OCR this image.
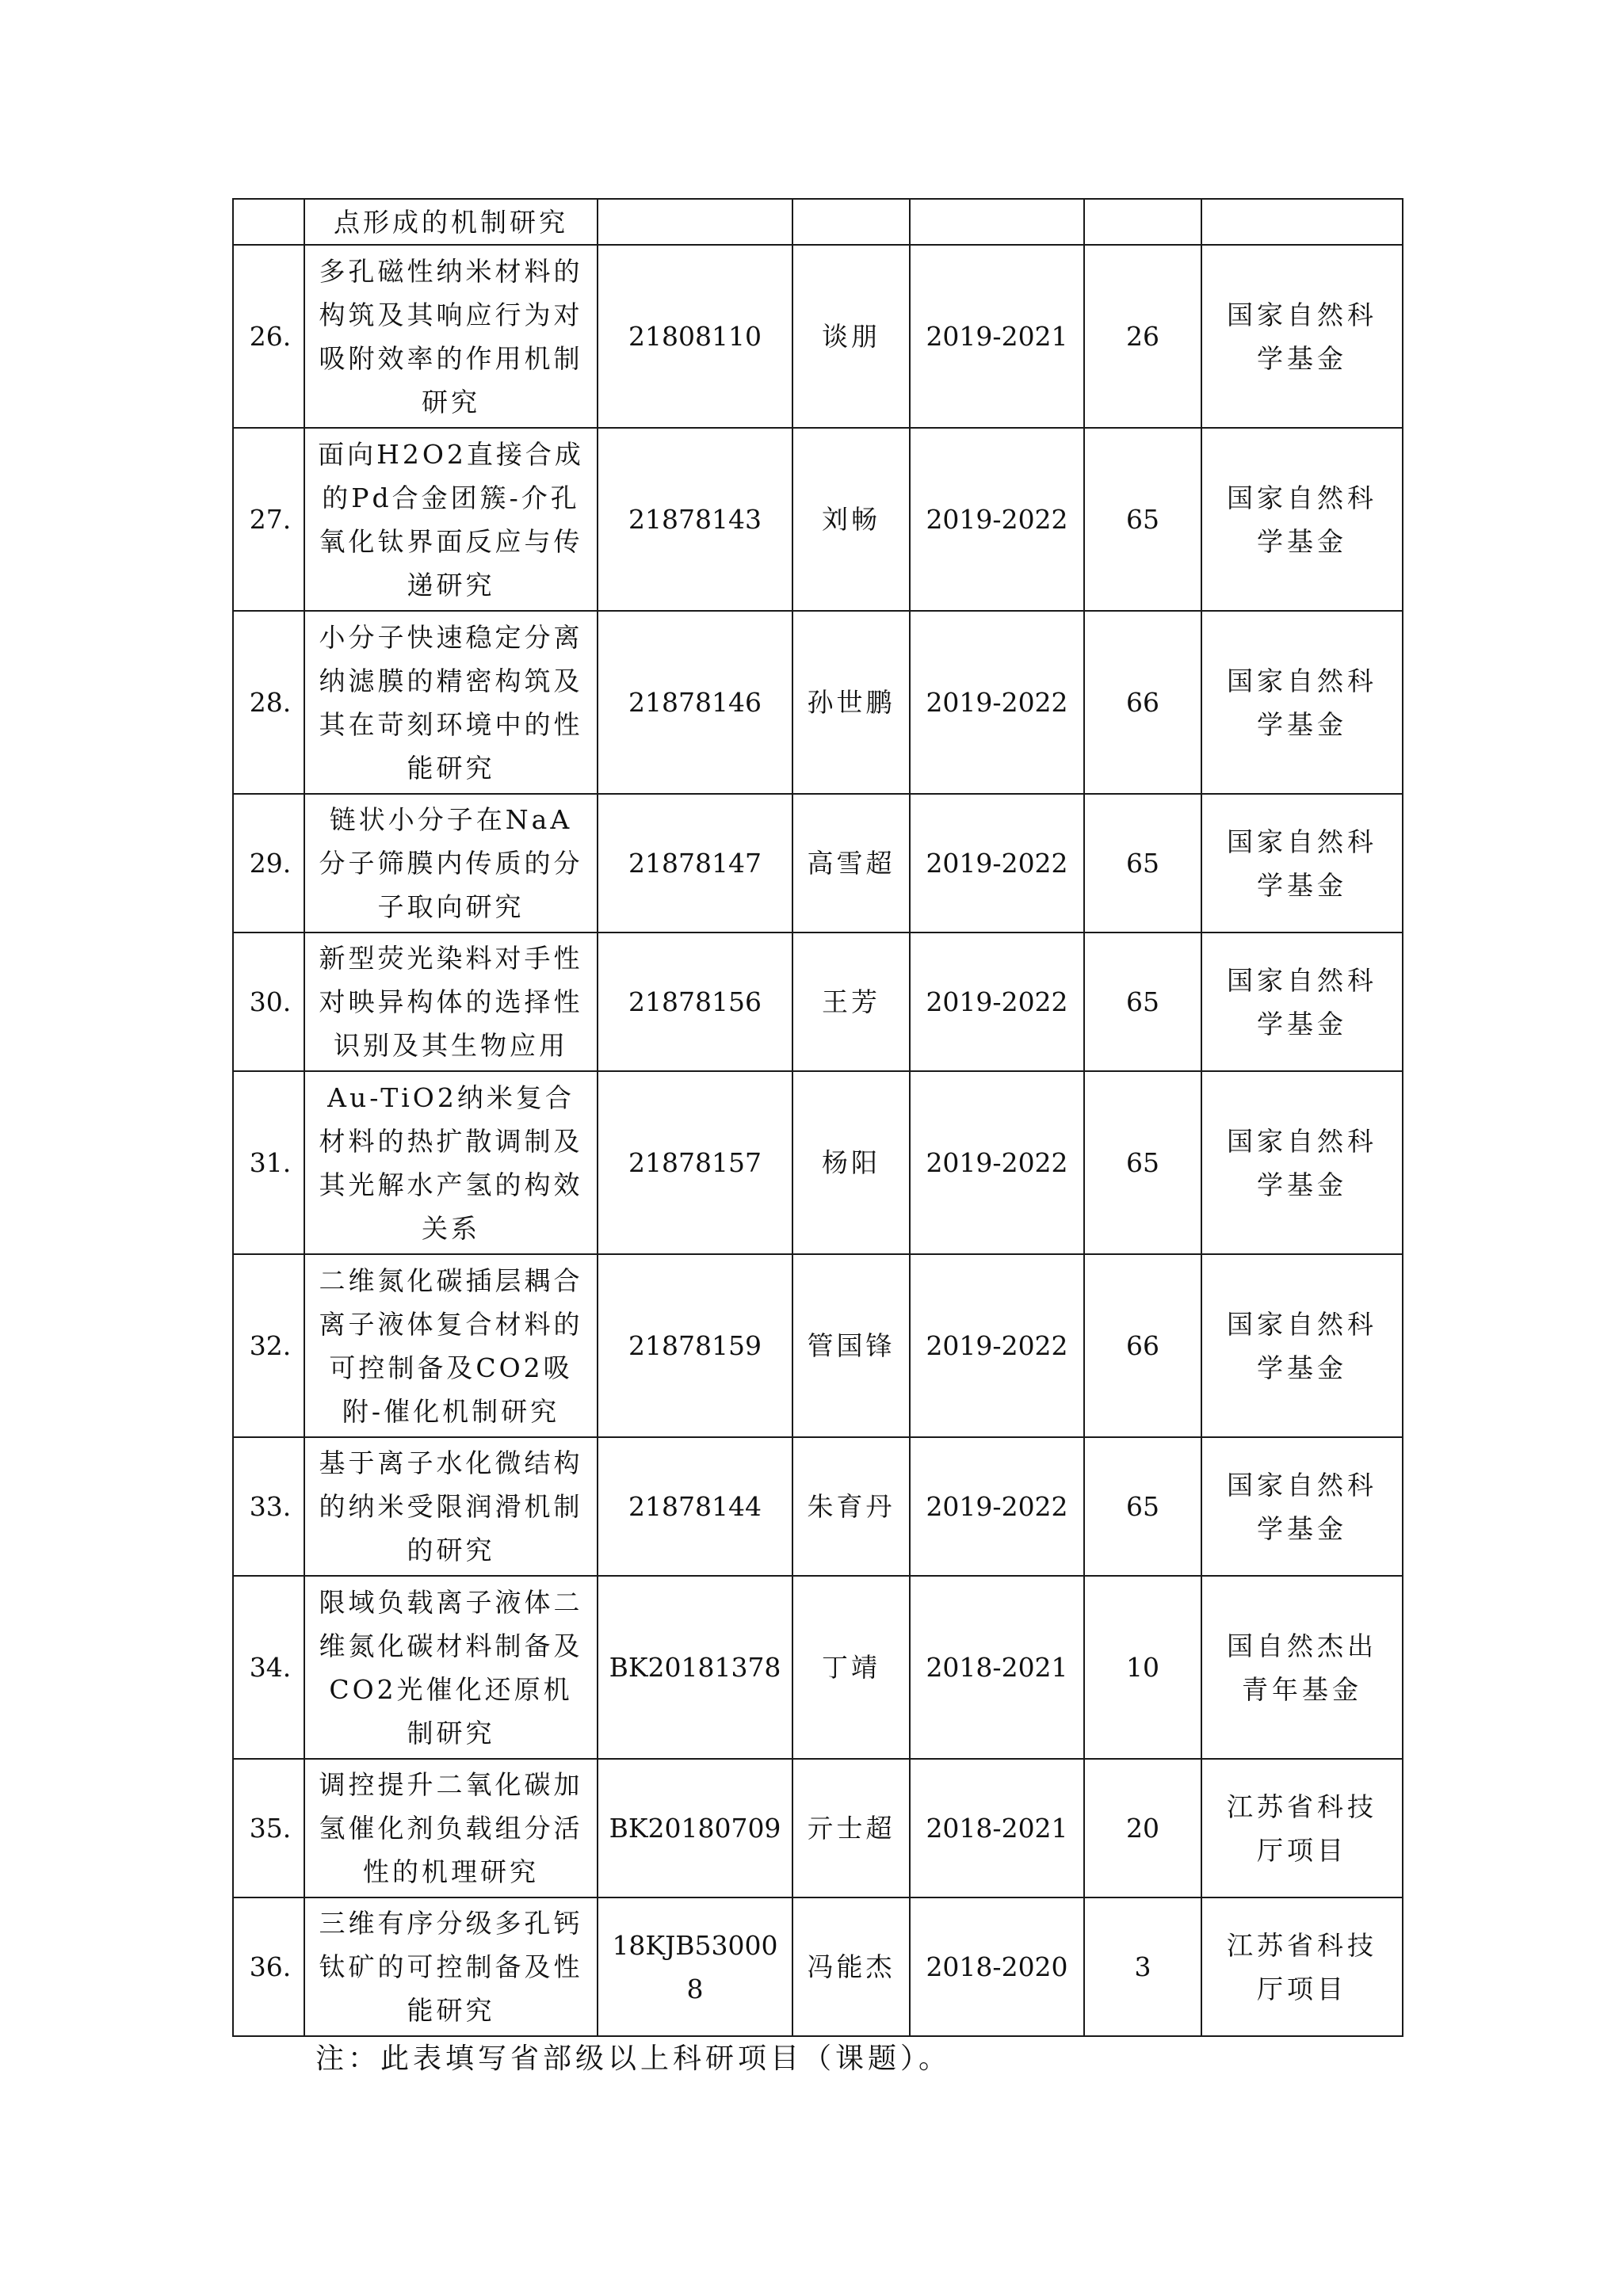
	点形成的机制研究					
26.	多孔磁性纳米材料的构筑及其响应行为对吸附效率的作用机制研究	21808110	谈朋	2019-2021	26	国家自然科学基金
27.	面向H2O2直接合成的Pd合金团簇-介孔氧化钛界面反应与传递研究	21878143	刘畅	2019-2022	65	国家自然科学基金
28.	小分子快速稳定分离纳滤膜的精密构筑及其在苛刻环境中的性能研究	21878146	孙世鹏	2019-2022	66	国家自然科学基金
29.	链状小分子在NaA分子筛膜内传质的分子取向研究	21878147	高雪超	2019-2022	65	国家自然科学基金
30.	新型荧光染料对手性对映异构体的选择性识别及其生物应用	21878156	王芳	2019-2022	65	国家自然科学基金
31.	Au-TiO2纳米复合材料的热扩散调制及其光解水产氢的构效关系	21878157	杨阳	2019-2022	65	国家自然科学基金
32.	二维氮化碳插层耦合离子液体复合材料的可控制备及CO2吸附-催化机制研究	21878159	管国锋	2019-2022	66	国家自然科学基金
33.	基于离子水化微结构的纳米受限润滑机制的研究	21878144	朱育丹	2019-2022	65	国家自然科学基金
34.	限域负载离子液体二维氮化碳材料制备及CO2光催化还原机制研究	BK20181378	丁靖	2018-2021	10	国自然杰出青年基金
35.	调控提升二氧化碳加氢催化剂负载组分活性的机理研究	BK20180709	亓士超	2018-2021	20	江苏省科技厅项目
36.	三维有序分级多孔钙钛矿的可控制备及性能研究	18KJB530008	冯能杰	2018-2020	3	江苏省科技厅项目
注：此表填写省部级以上科研项目（课题）。
